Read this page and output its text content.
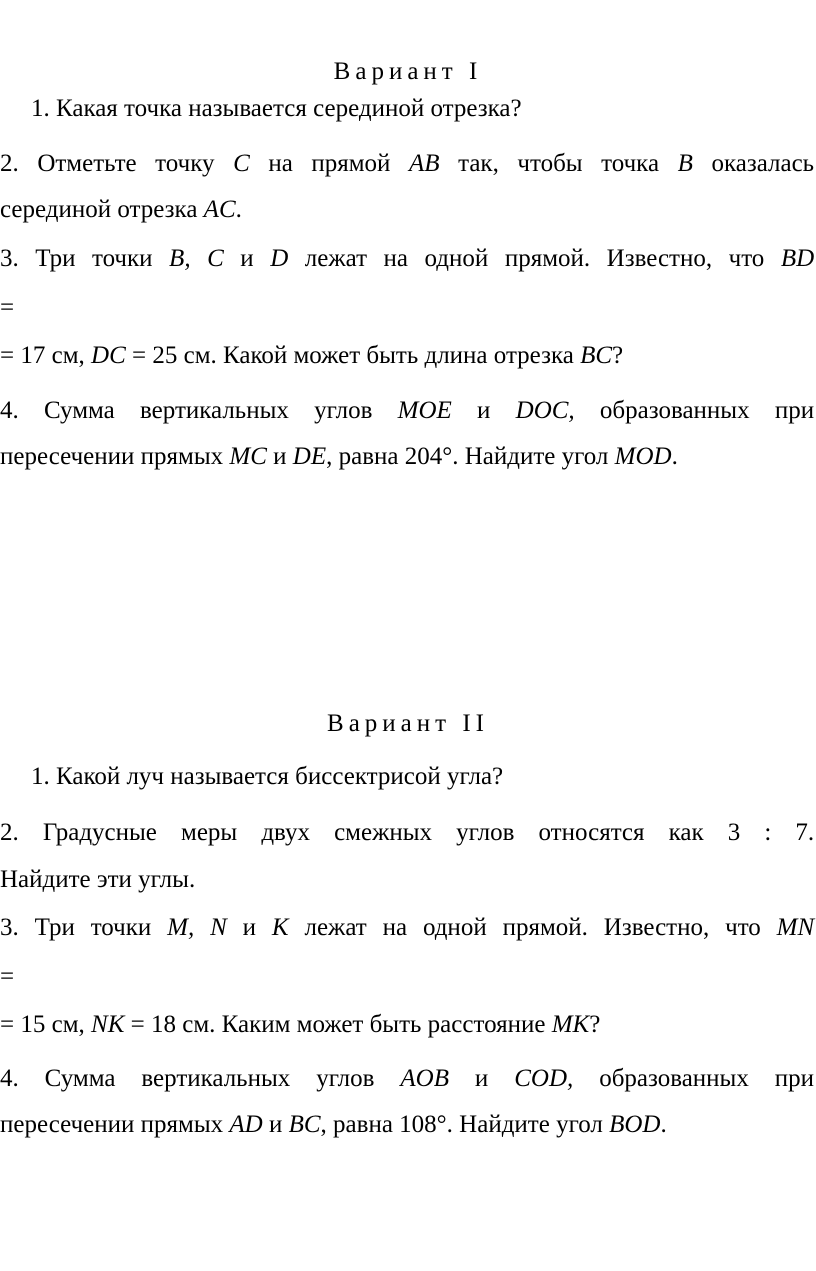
Вариант I
1. Какая точка называется серединой отрезка?
2. Отметьте точку C на прямой AB так, чтобы точка B оказалась
серединой отрезка AC.
3. Три точки B, C и D лежат на одной прямой. Известно, что BD
=
= 17 см, DC = 25 см. Какой может быть длина отрезка BC?
4. Сумма вертикальных углов MOE и DOC, образованных при
пересечении прямых MC и DE, равна 204°. Найдите угол MOD.
Вариант II
1. Какой луч называется биссектрисой угла?
2. Градусные меры двух смежных углов относятся как 3 : 7.
Найдите эти углы.
3. Три точки M, N и K лежат на одной прямой. Известно, что MN
=
= 15 см, NK = 18 см. Каким может быть расстояние MK?
4. Сумма вертикальных углов AOB и COD, образованных при
пересечении прямых AD и BC, равна 108°. Найдите угол BOD.
